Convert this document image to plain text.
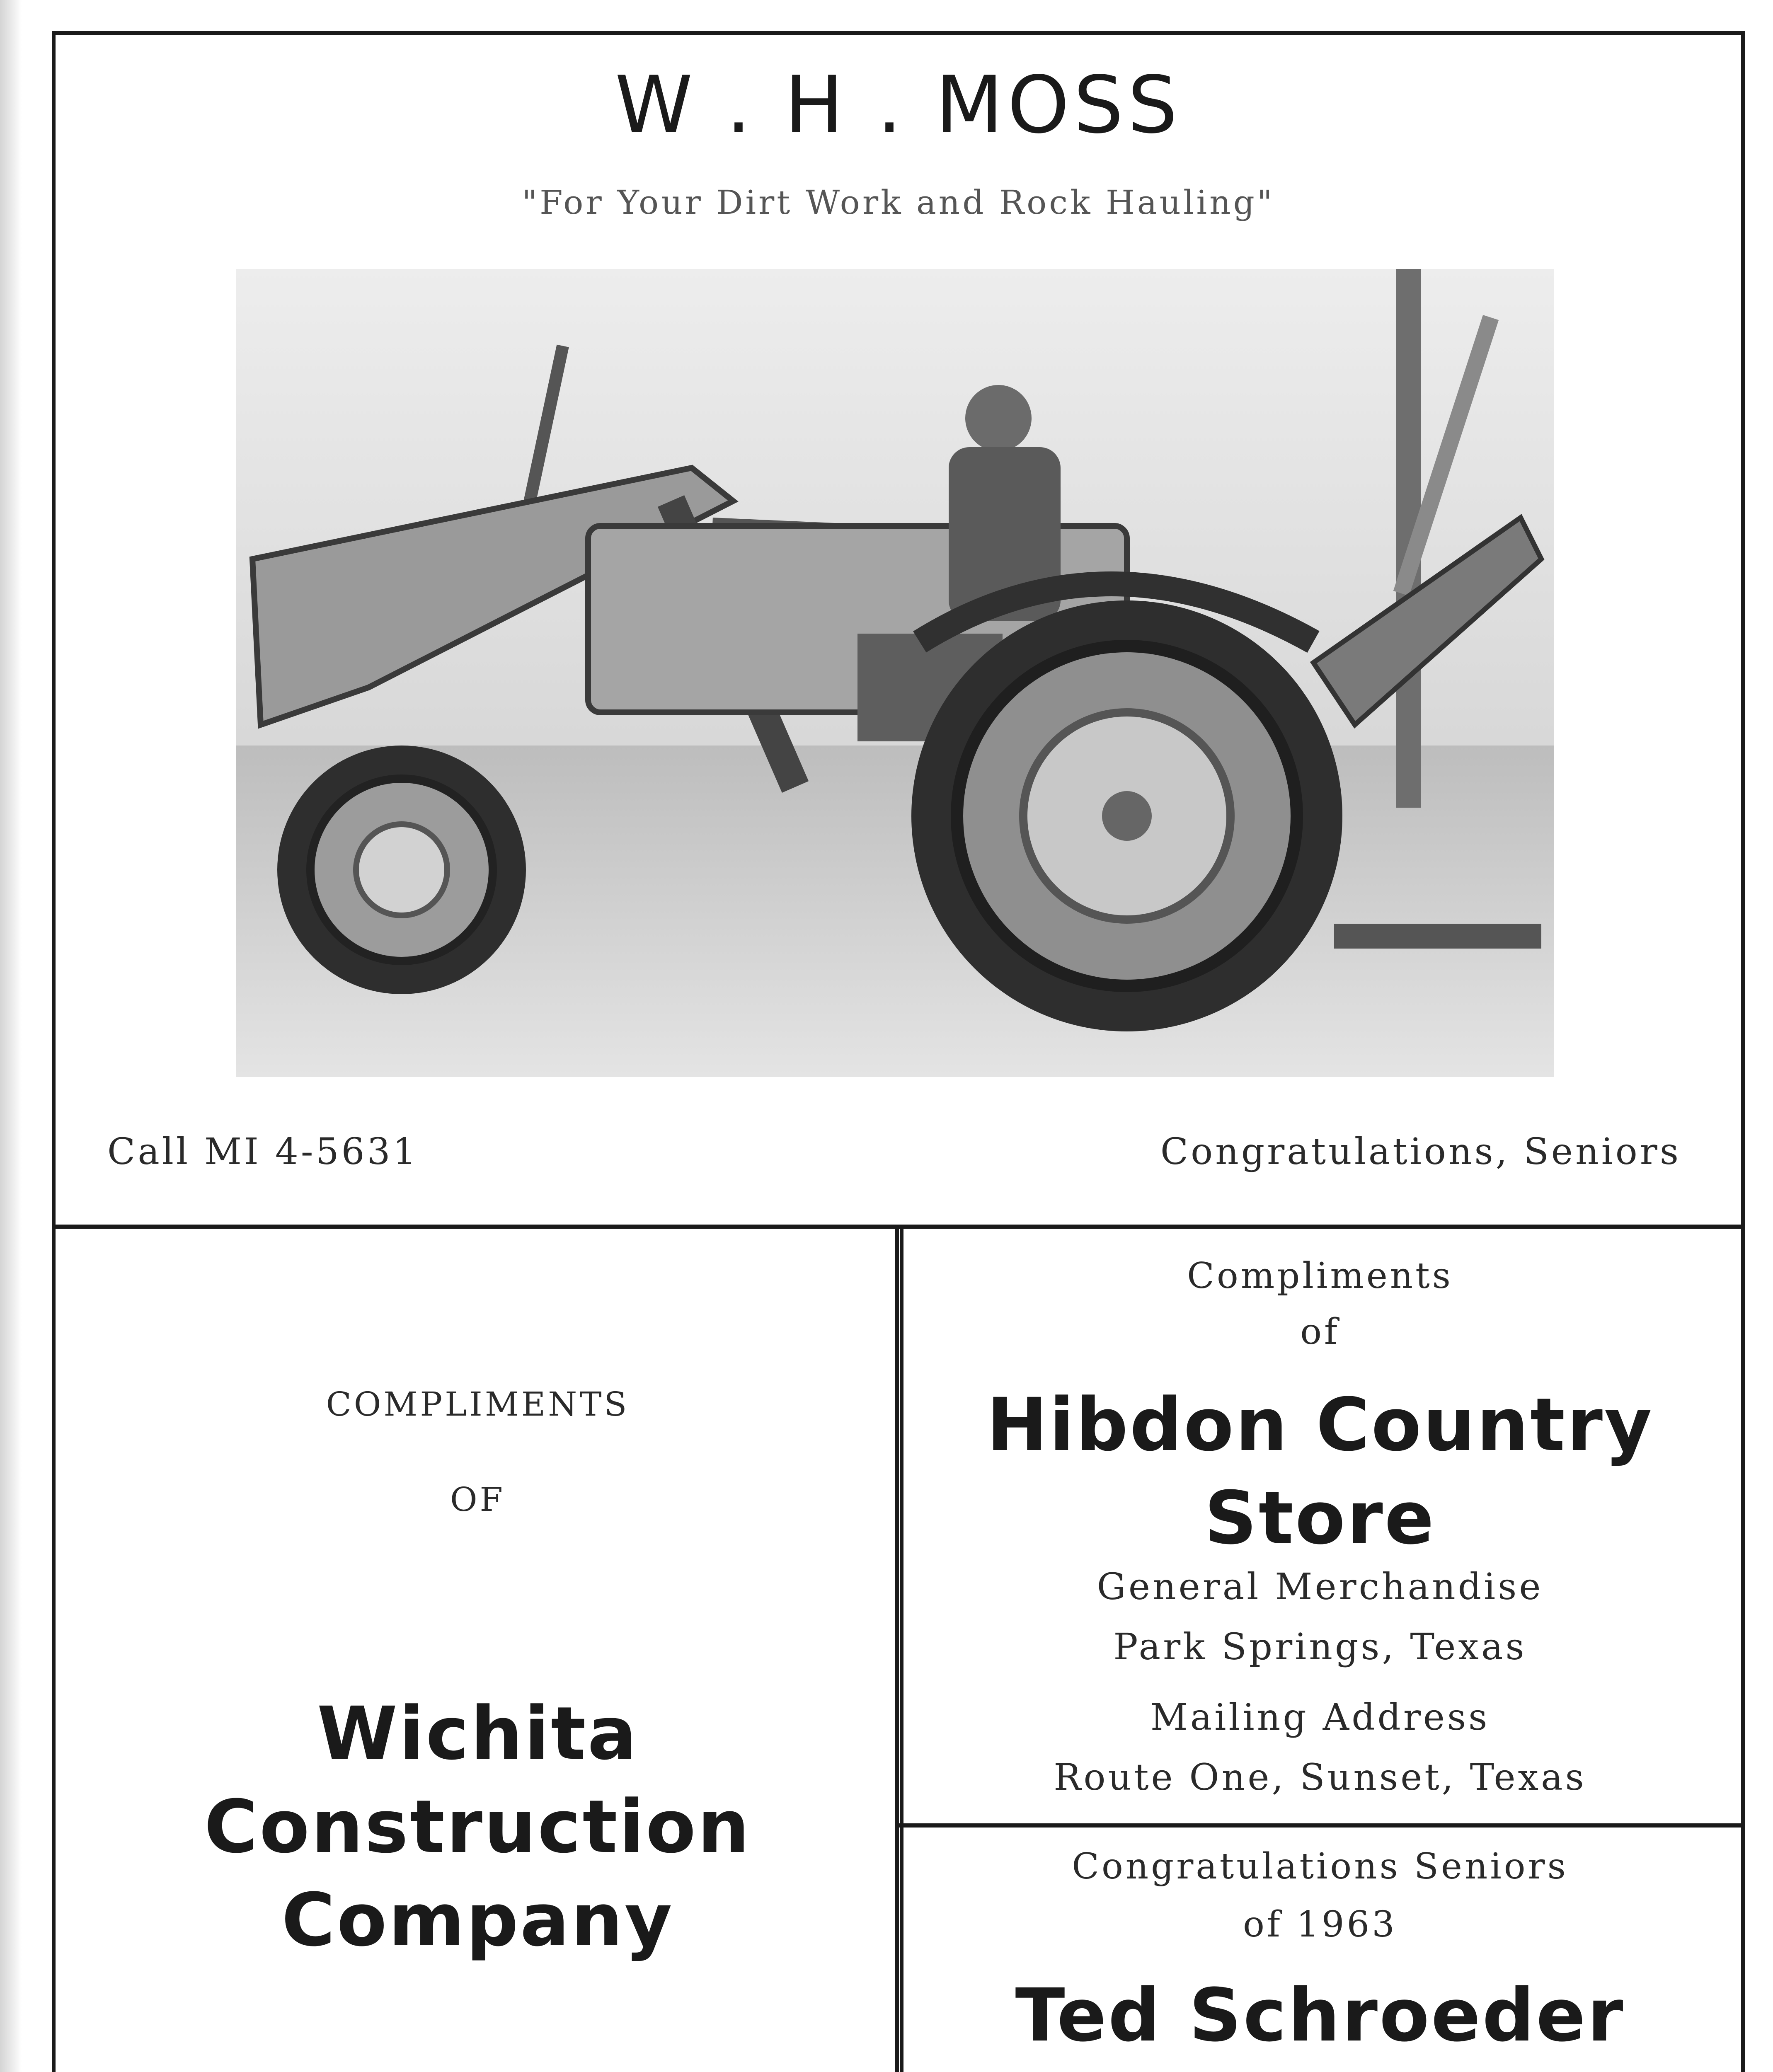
W . H . MOSS
"For Your Dirt Work and Rock Hauling"
Call MI 4-5631	Congratulations, Seniors
COMPLIMENTS
OF
Wichita
Construction
Company
Compliments
of
Hibdon Country
Store
General Merchandise
Park Springs, Texas
Mailing Address
Route One, Sunset, Texas
Congratulations Seniors
of 1963
Ted Schroeder
